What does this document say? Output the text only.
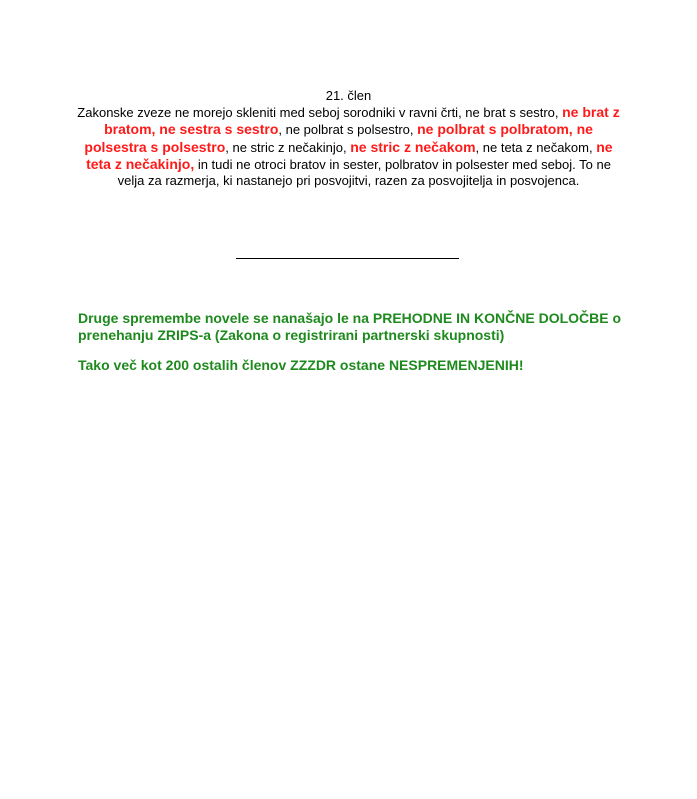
21. člen

Zakonske zveze ne morejo skleniti med seboj sorodniki v ravni črti, ne brat s sestro, ne brat z bratom, ne sestra s sestro, ne polbrat s polsestro, ne polbrat s polbratom, ne polsestra s polsestro, ne stric z nečakinjo, ne stric z nečakom, ne teta z nečakom, ne teta z nečakinjo, in tudi ne otroci bratov in sester, polbratov in polsester med seboj. To ne velja za razmerja, ki nastanejo pri posvojitvi, razen za posvojitelja in posvojenca.

Druge spremembe novele se nanašajo le na PREHODNE IN KONČNE DOLOČBE o prenehanju ZRIPS-a (Zakona o registrirani partnerski skupnosti)

Tako več kot 200 ostalih členov ZZZDR ostane NESPREMENJENIH!
